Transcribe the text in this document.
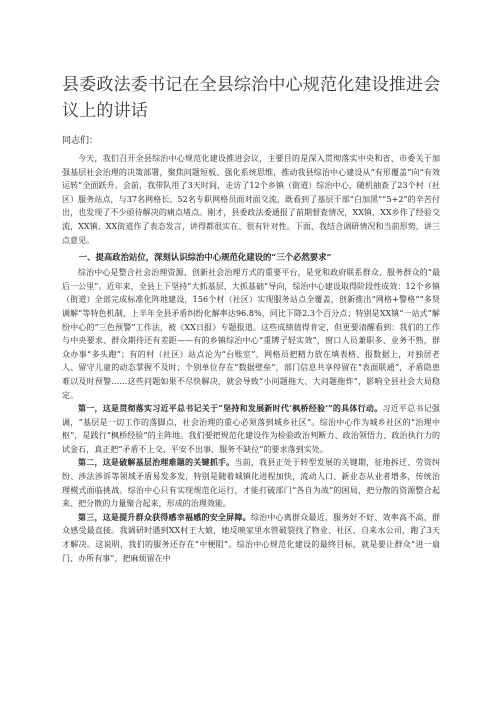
县委政法委书记在全县综治中心规范化建设推进会议上的讲话
同志们：

今天，我们召开全县综治中心规范化建设推进会议，主要目的是深入贯彻落实中央和省、市委关于加强基层社会治理的决策部署，聚焦问题短板、强化系统思维，推动我县综治中心建设从“有形覆盖”向“有效运转”全面跃升。会前，我带队用了3天时间，走访了12个乡镇（街道）综治中心，随机抽查了23个村（社区）服务站点，与37名网格长、52名专职网格员面对面交流，既看到了基层干部“白加黑”“5+2”的辛苦付出，也发现了不少亟待解决的痛点堵点。刚才，县委政法委通报了前期督查情况，XX镇、XX乡作了经验交流，XX镇、XX街道作了表态发言，讲得都很实在、很有针对性。下面，我结合调研情况和当前形势，讲三点意见。

一、提高政治站位，深刻认识综治中心规范化建设的“三个必然要求”

综治中心是整合社会治理资源、创新社会治理方式的重要平台，是党和政府联系群众、服务群众的“最后一公里”。近年来，全县上下坚持“大抓基层、大抓基础”导向，综治中心建设取得阶段性成效：12个乡镇（街道）全部完成标准化阵地建设，156个村（社区）实现服务站点全覆盖，创新推出“网格+警格”“多贤调解”等特色机制，上半年全县矛盾纠纷化解率达96.8%，同比下降2.3个百分点；特别是XX镇“一站式”解纷中心的“三色预警”工作法，被《XX日报》专题报道。这些成绩值得肯定，但更要清醒看到：我们的工作与中央要求、群众期待还有差距——有的乡镇综治中心“重牌子轻实效”，窗口人员兼职多、业务不熟，群众办事“多头跑”；有的村（社区）站点沦为“台账室”，网格员把精力放在填表格、报数据上，对独居老人、留守儿童的动态掌握不及时；个别单位存在“数据壁垒”，部门信息共享停留在“表面联通”，矛盾隐患难以及时预警……这些问题如果不尽快解决，就会导致“小问题拖大、大问题拖炸”，影响全县社会大局稳定。

第一，这是贯彻落实习近平总书记关于“坚持和发展新时代‘枫桥经验’”的具体行动。习近平总书记强调，“基层是一切工作的落脚点，社会治理的重心必须落到城乡社区”。综治中心作为城乡社区的“治理中枢”，是践行“枫桥经验”的主阵地。我们要把规范化建设作为检验政治判断力、政治领悟力、政治执行力的试金石，真正把“矛盾不上交、平安不出事、服务不缺位”的要求落到实处。

第二，这是破解基层治理难题的关键抓手。当前，我县正处于转型发展的关键期，征地拆迁、劳资纠纷、涉法涉诉等领域矛盾易发多发，特别是随着城镇化进程加快，流动人口、新业态从业者增多，传统治理模式面临挑战。综治中心只有实现规范化运行，才能打破部门“各自为战”的困局，把分散的资源整合起来、把分散的力量聚合起来，形成的治理效能。

第三，这是提升群众获得感幸福感的安全屏障。综治中心离群众最近，服务好不好、效率高不高，群众感受最直接。我调研时遇到XX村王大娘，她反映家里水管破裂找了物业、社区、自来水公司，跑了3天才解决。这说明，我们的服务还存在“中梗阻”。综治中心规范化建设的最终目标，就是要让群众“进一扇门、办所有事”，把麻烦留在中
